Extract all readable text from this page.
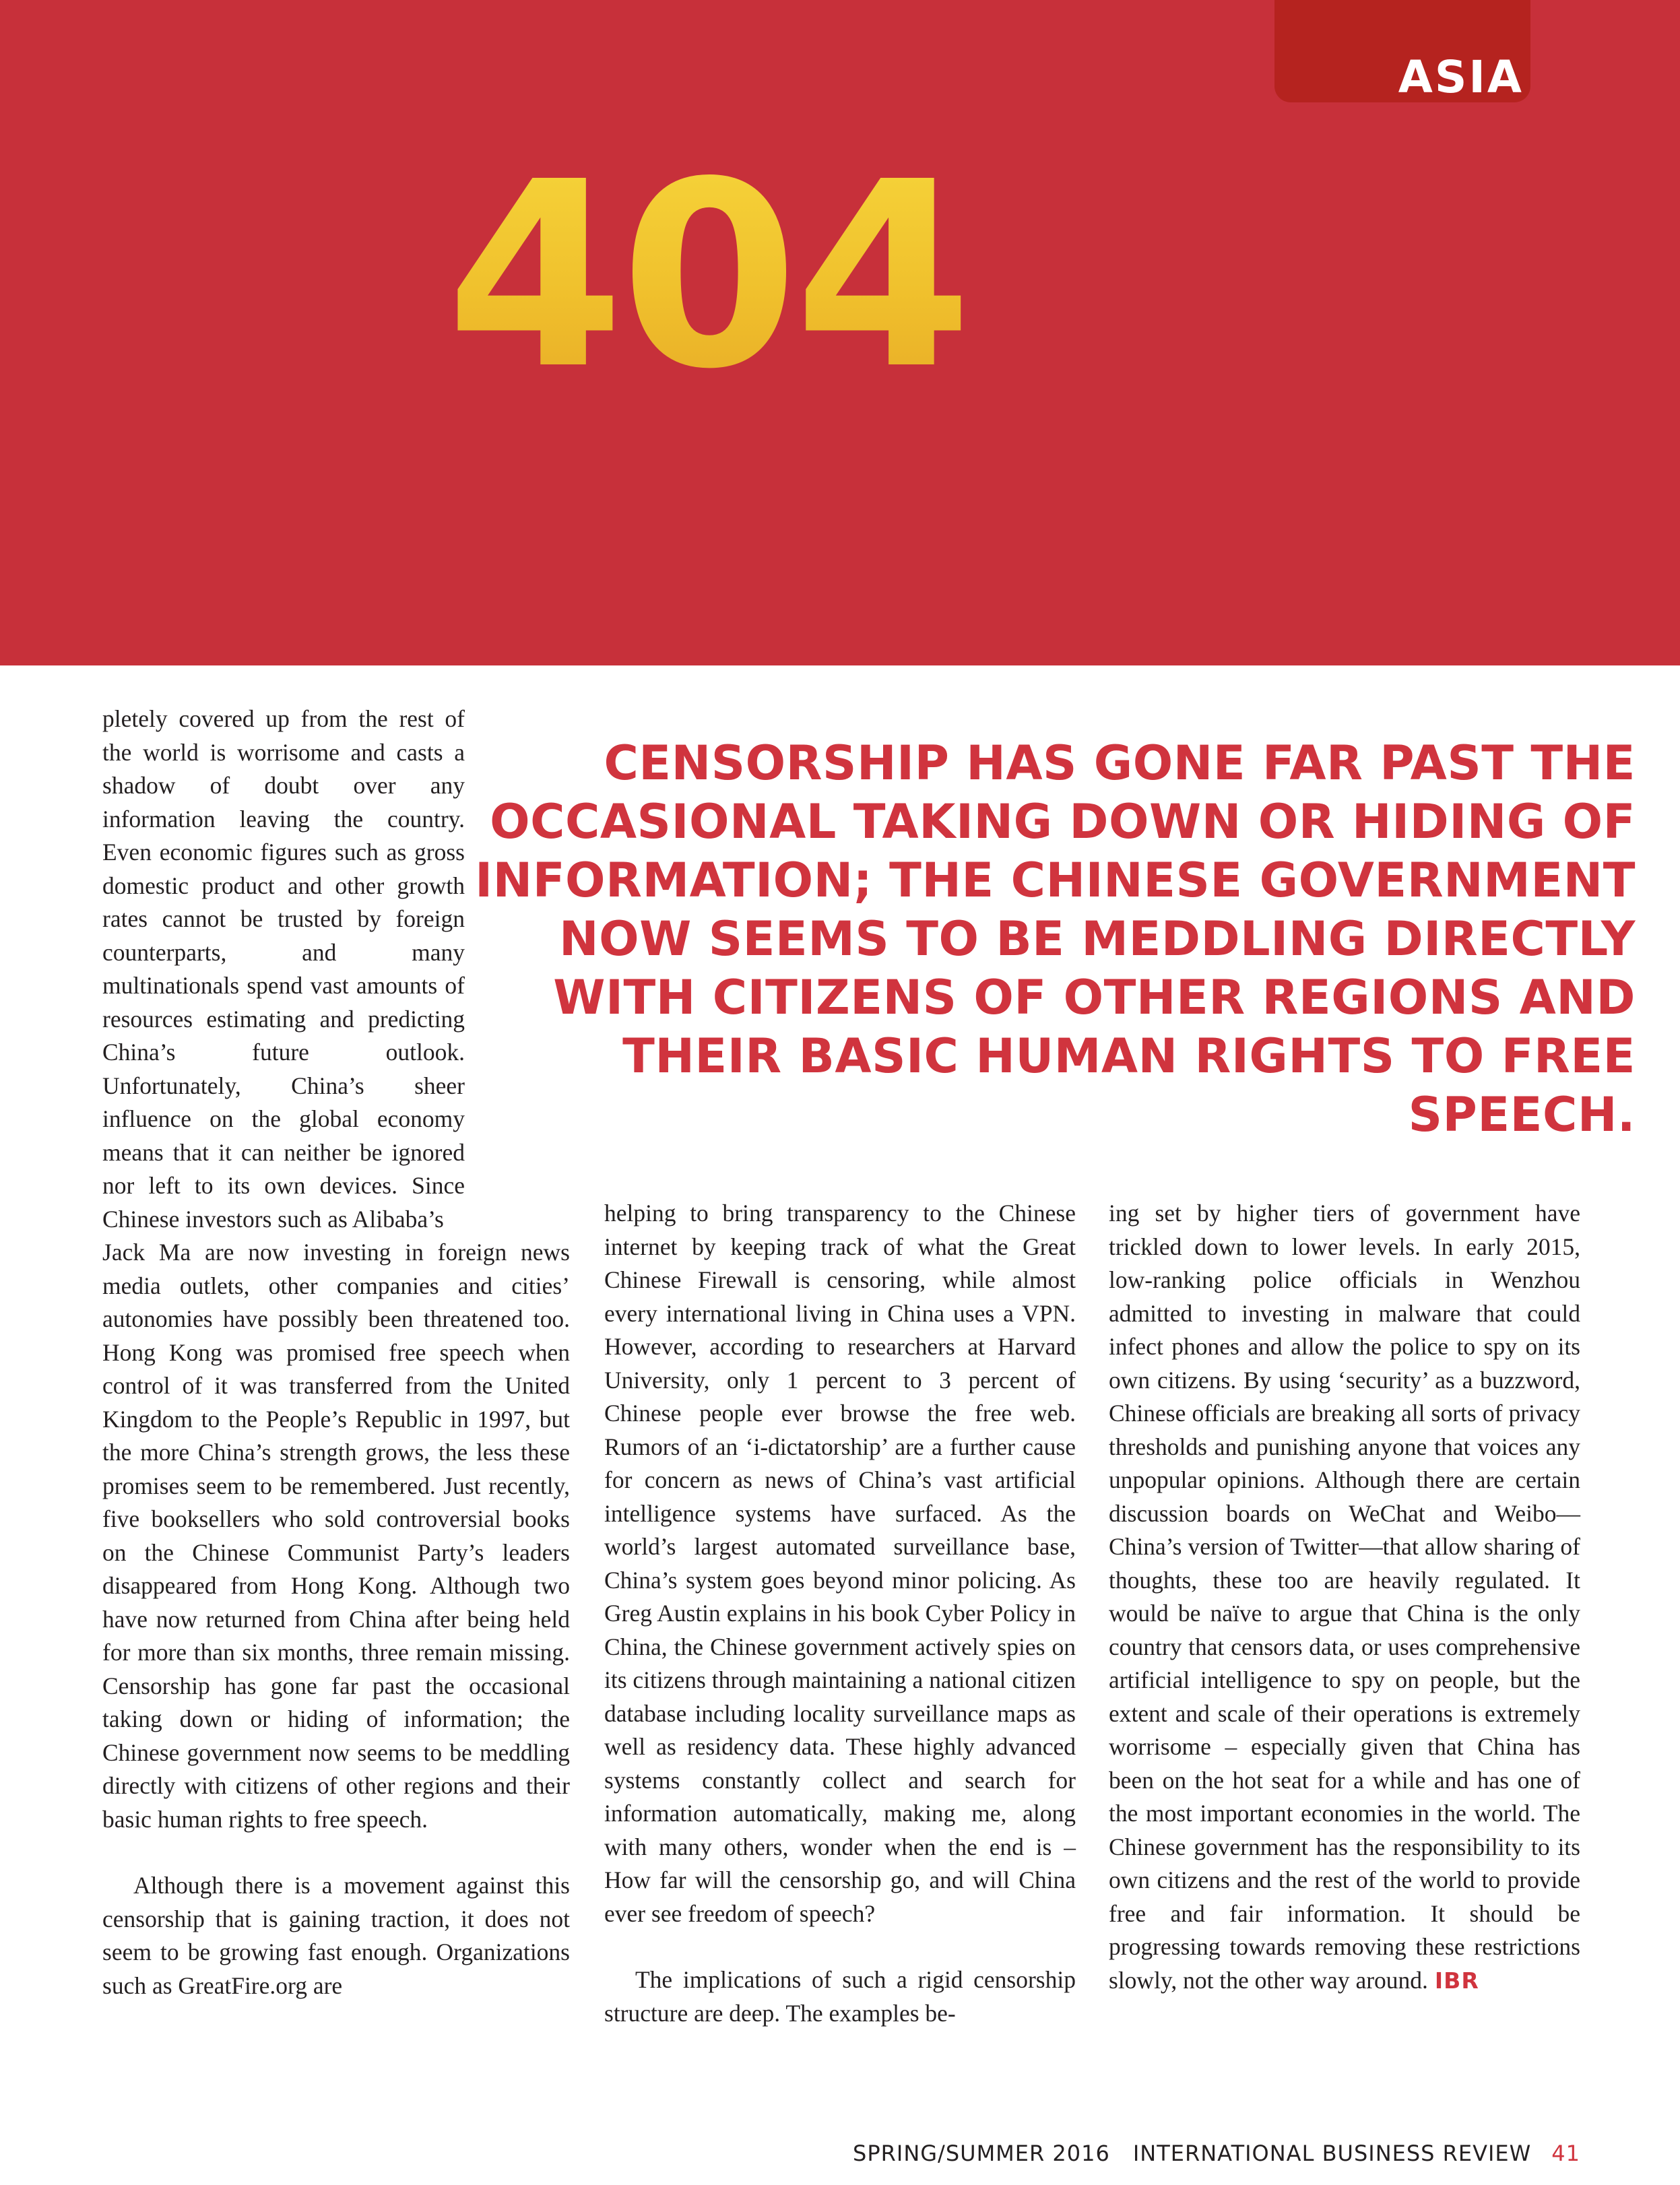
ASIA
404

CENSORSHIP HAS GONE FAR PAST THE OCCASIONAL TAKING DOWN OR HIDING OF INFORMATION; THE CHINESE GOVERNMENT NOW SEEMS TO BE MEDDLING DIRECTLY WITH CITIZENS OF OTHER REGIONS AND THEIR BASIC HUMAN RIGHTS TO FREE SPEECH.

pletely covered up from the rest of the world is worrisome and casts a shadow of doubt over any information leaving the country. Even economic figures such as gross domestic product and other growth rates cannot be trusted by foreign counterparts, and many multinationals spend vast amounts of resources estimating and predicting China’s future outlook. Unfortunately, China’s sheer influence on the global economy means that it can neither be ignored nor left to its own devices. Since Chinese investors such as Alibaba’s

Jack Ma are now investing in foreign news media outlets, other companies and cities’ autonomies have possibly been threatened too. Hong Kong was promised free speech when control of it was transferred from the United Kingdom to the People’s Republic in 1997, but the more China’s strength grows, the less these promises seem to be remembered. Just recently, five booksellers who sold controversial books on the Chinese Communist Party’s leaders disappeared from Hong Kong. Although two have now returned from China after being held for more than six months, three remain missing. Censorship has gone far past the occasional taking down or hiding of information; the Chinese government now seems to be meddling directly with citizens of other regions and their basic human rights to free speech.

Although there is a movement against this censorship that is gaining traction, it does not seem to be growing fast enough. Organizations such as GreatFire.org are

helping to bring transparency to the Chinese internet by keeping track of what the Great Chinese Firewall is censoring, while almost every international living in China uses a VPN. However, according to researchers at Harvard University, only 1 percent to 3 percent of Chinese people ever browse the free web. Rumors of an ‘i-dictatorship’ are a further cause for concern as news of China’s vast artificial intelligence systems have surfaced. As the world’s largest automated surveillance base, China’s system goes beyond minor policing. As Greg Austin explains in his book Cyber Policy in China, the Chinese government actively spies on its citizens through maintaining a national citizen database including locality surveillance maps as well as residency data. These highly advanced systems constantly collect and search for information automatically, making me, along with many others, wonder when the end is – How far will the censorship go, and will China ever see freedom of speech?

The implications of such a rigid censorship structure are deep. The examples be-

ing set by higher tiers of government have trickled down to lower levels. In early 2015, low-ranking police officials in Wenzhou admitted to investing in malware that could infect phones and allow the police to spy on its own citizens. By using ‘security’ as a buzzword, Chinese officials are breaking all sorts of privacy thresholds and punishing anyone that voices any unpopular opinions. Although there are certain discussion boards on WeChat and Weibo—China’s version of Twitter—that allow sharing of thoughts, these too are heavily regulated. It would be naïve to argue that China is the only country that censors data, or uses comprehensive artificial intelligence to spy on people, but the extent and scale of their operations is extremely worrisome – especially given that China has been on the hot seat for a while and has one of the most important economies in the world. The Chinese government has the responsibility to its own citizens and the rest of the world to provide free and fair information. It should be progressing towards removing these restrictions slowly, not the other way around. IBR

SPRING/SUMMER 2016 INTERNATIONAL BUSINESS REVIEW 41
